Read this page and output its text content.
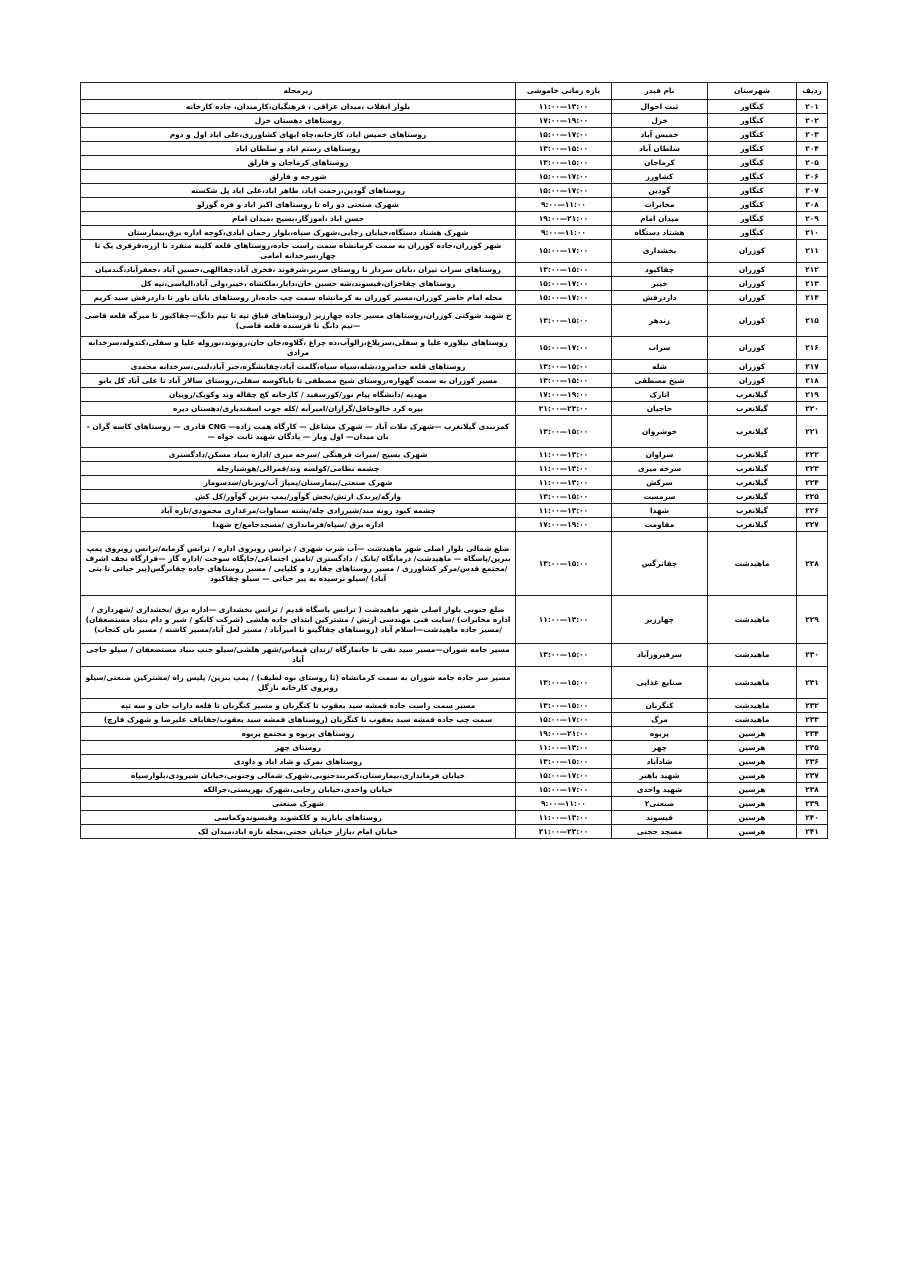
ردیف	شهرستان	نام فیدر	بازه زمانی خاموشی	زیرمحله
۲۰۱	کنگاور	ثبت احوال	۱۱:۰۰—۱۳:۰۰	بلوار انقلاب ،میدان عراقی ، فرهنگیان،کارمندان، جاده کارخانه
۲۰۲	کنگاور	خزل	۱۷:۰۰—۱۹:۰۰	روستاهای دهستان خزل
۲۰۳	کنگاور	خمیس آباد	۱۵:۰۰—۱۷:۰۰	روستاهای خمیس اباد، کارخانه،چاه ابهای کشاورزی،علی اباد اول و دوم
۲۰۴	کنگاور	سلطان آباد	۱۳:۰۰—۱۵:۰۰	روستاهای رستم اباد و سلطان اباد
۲۰۵	کنگاور	کرماجان	۱۳:۰۰—۱۵:۰۰	روستاهای کرماجان و فارلق
۲۰۶	کنگاور	کشاورز	۱۵:۰۰—۱۷:۰۰	شورجه و فارلق
۲۰۷	کنگاور	گودین	۱۵:۰۰—۱۷:۰۰	روستاهای گودین،رحمت اباد، طاهر اباد،علی اباد پل شکسته
۲۰۸	کنگاور	مخابرات	۹:۰۰—۱۱:۰۰	شهرک صنعتی دو راه تا روستاهای اکبر اباد و فره گوزلو
۲۰۹	کنگاور	میدان امام	۱۹:۰۰—۲۱:۰۰	حسن اباد ،اموزگار،بسیج ،میدان امام
۲۱۰	کنگاور	هشتاد دستگاه	۹:۰۰—۱۱:۰۰	شهرک هشتاد دستگاه،خیابان رجایی،شهرک سپاه،بلوار رحمان ابادی،کوچه اداره برق،بیمارستان
۲۱۱	کوزران	بخشداری	۱۵:۰۰—۱۷:۰۰	شهر کوزران،جاده کوزران به سمت کرمانشاه سمت راست جاده،روستاهای قلعه کلینه منفرد تا ازره،قزقری یک تا چهار،سرخدانه امامی
۲۱۲	کوزران	چقاکبود	۱۳:۰۰—۱۵:۰۰	روستاهای سراب تیران ،بابان سردار تا روستای سربر،شرفوند ،فخری آباد،چقاالهی،حسین آباد ،جعفرآباد،گندمیان
۲۱۳	کوزران	خیبر	۱۵:۰۰—۱۷:۰۰	روستاهای چقاخزان،قیسوند،شه حسین خان،دابار،ملکشاه ،خیبر،ولی آباد،الیاسی،تپه کل
۲۱۴	کوزران	داردرفش	۱۵:۰۰—۱۷:۰۰	محله امام حاضر کوزران،مسیر کوزران به کرمانشاه سمت چپ جاده،از روستاهای بابان باور تا داردرفش سید کریم
۲۱۵	کوزران	زندهر	۱۳:۰۰—۱۵:۰۰	خ شهید شوکتی کوزران،روستاهای مسیر جاده چهارزبر (روستاهای قباق تپه تا تیم دانگ—چقاکبوز تا میرگه قلعه قاضی—تیم دانگ تا فرسنده قلعه قاضی)
۲۱۶	کوزران	سراب	۱۵:۰۰—۱۷:۰۰	روستاهای نیلاوره علیا و سفلی،سرپلاغ،زالوآب،ده چراغ ،گلاوه،جان جان،رونوند،نوروله علیا و سفلی،کندوله،سرخدانه مرادی
۲۱۷	کوزران	شله	۱۳:۰۰—۱۵:۰۰	روستاهای قلعه خدامرود،شله،سیاه سیاه،گلمت آباد،چقانشگره،جبر آباد،لبنی،سرخدانه محمدی
۲۱۸	کوزران	شیخ مصطفی	۱۳:۰۰—۱۵:۰۰	مسیر کوزران به سمت گهواره،روستای شیخ مصطفی تا باباکوسه سفلی،روستای سالار آباد تا علی آباد کل بانو
۲۱۹	گیلانغرب	اتارک	۱۷:۰۰—۱۹:۰۰	مهدیه /دانشگاه پیام نور/کورسفید / کارخانه کچ چقاله وند وکویک/رویبان
۲۲۰	گیلانغرب	حاجیان	۲۱:۰۰—۲۳:۰۰	بیره کرد خالوخافل/گرازان/امیرآبه /کله جوب اسفندیاری/دهستان دیره
۲۲۱	گیلانغرب	خوشروان	۱۳:۰۰—۱۵:۰۰	کمربندی گیلانغرب —شهرک ملات آباد — شهرک مشاغل — کارگاه همت زاده— CNG قادری — روستاهای کاسه گران - بان میدان— اول ویار — پادگان شهید ثابت خواه —
۲۲۲	گیلانغرب	سراوان	۱۱:۰۰—۱۳:۰۰	شهرک بسیج /میراث فرهنگی /سرخه میری /اداره بنیاد مسکن/دادگستری
۲۲۳	گیلانغرب	سرخه میری	۱۱:۰۰—۱۳:۰۰	چشمه نظامی/کولسه وند/قمرالی/هوشیارچله
۲۲۴	گیلانغرب	سرکش	۱۱:۰۰—۱۳:۰۰	شهرک صنعتی/بیمارستان/پمپاژ آب/وبزنان/سدسومار
۲۲۵	گیلانغرب	سرمست	۱۳:۰۰—۱۵:۰۰	وارگه/پرندک ارتش/بخش گوآور/پمپ بنزین گوآور/کل کش
۲۲۶	گیلانغرب	شهدا	۱۱:۰۰—۱۳:۰۰	چشمه کبود رونه مند/شیرزادی چله/پشته سماوات/مرغداری محمودی/تازه آباد
۲۲۷	گیلانغرب	مقاومت	۱۷:۰۰—۱۹:۰۰	اداره برق /سپاه/فرمانداری /مسجدجامع/خ شهدا
۲۲۸	ماهیدشت	چقانرگس	۱۳:۰۰—۱۵:۰۰	ضلع شمالی بلوار اصلی شهر ماهیدشت —آب شرب شهری / ترانس روبروی اداره / ترانس گرمابه/ترانس روبروی پمپ بنزین/پاسگاه — ماهیدشت/ درمانگاه /بانک / دادگستری /تامین اجتماعی/جایگاه سوخت /اداره گاز —قرارگاه نجف اشرف /مجتمع قدس/مرکز کشاورزی / مسیر روستاهای چقازرد و کلیایی / مسیر روستاهای جاده چقانرگس(پیر حیاتی تا پتی آباد) /سیلو نرسیده به پیر حیاتی — سیلو چقاکبود
۲۲۹	ماهیدشت	چهارزبر	۱۱:۰۰—۱۳:۰۰	ضلع جنوبی بلوار اصلی شهر ماهیدشت ( ترانس پاسگاه قدیم / ترانس بخشداری —اداره برق /بخشداری /شهرداری /اداره مخابرات) /سایت فنی مهندسی ارتش / مشترکین ابتدای جاده هلشی (شرکت کابکو / شیر و دام بنیاد مستضعفان) /مسیر جاده ماهیدشت—اسلام آباد (روستاهای چقاگینو تا امیرآباد / مسیر لعل آباد/مسیر کاشته / مسیر بان کنجاب)
۲۳۰	ماهیدشت	سرفیروزآباد	۱۳:۰۰—۱۵:۰۰	مسیر جامه شوران—مسیر سید نقی تا جانمارگاه /زندان قیماس/شهر هلشی/سیلو جنب بنیاد مستضعفان / سیلو حاجی آباد
۲۳۱	ماهیدشت	صنایع غذایی	۱۳:۰۰—۱۵:۰۰	مسیر سر جاده جامه شوران به سمت کرمانشاه (تا روستای نوه لطیف) / پمپ بنزین/ پلیس راه /مشترکین صنعتی/سیلو روبروی کارخانه نازگل
۲۳۲	ماهیدشت	کنگربان	۱۳:۰۰—۱۵:۰۰	مسیر سمت راست جاده قمشه سید یعقوب تا کنگربان و مسیر کنگربان تا قلعه داراب خان و سه تپه
۲۳۳	ماهیدشت	مرگ	۱۵:۰۰—۱۷:۰۰	سمت چپ جاده قمشه سید یعقوب تا کنگربان (روستاهای قمشه سید یعقوب/جفاباف علیرضا و شهرک قارچ)
۲۳۴	هرسین	پربوه	۱۹:۰۰—۲۱:۰۰	روستاهای پربوه و مجتمع پربوه
۲۳۵	هرسین	چهر	۱۱:۰۰—۱۳:۰۰	روستای چهر
۲۳۶	هرسین	شادآباد	۱۳:۰۰—۱۵:۰۰	روستاهای نمرک و شاد اباد و داودی
۲۳۷	هرسین	شهید باهنر	۱۵:۰۰—۱۷:۰۰	خیابان فرمانداری،بیمارستان،کمربندجنوبی،شهرک شمالی وجنوبی،خیابان شیرودی،بلوارسپاه
۲۳۸	هرسین	شهید واحدی	۱۵:۰۰—۱۷:۰۰	خیابان واحدی،خیابان رجایی،شهرک بهزیستی،جرالکه
۲۳۹	هرسین	صنعتی۲	۹:۰۰—۱۱:۰۰	شهرک صنعتی
۲۴۰	هرسین	قیسوند	۱۱:۰۰—۱۳:۰۰	روستاهای بابازید و کلکشوند وقیسوندوکماسی
۲۴۱	هرسین	مسجد حجتی	۲۱:۰۰—۲۳:۰۰	خیابان امام ،بازار خیابان حجتی،محله تازه اباد،میدان لک
